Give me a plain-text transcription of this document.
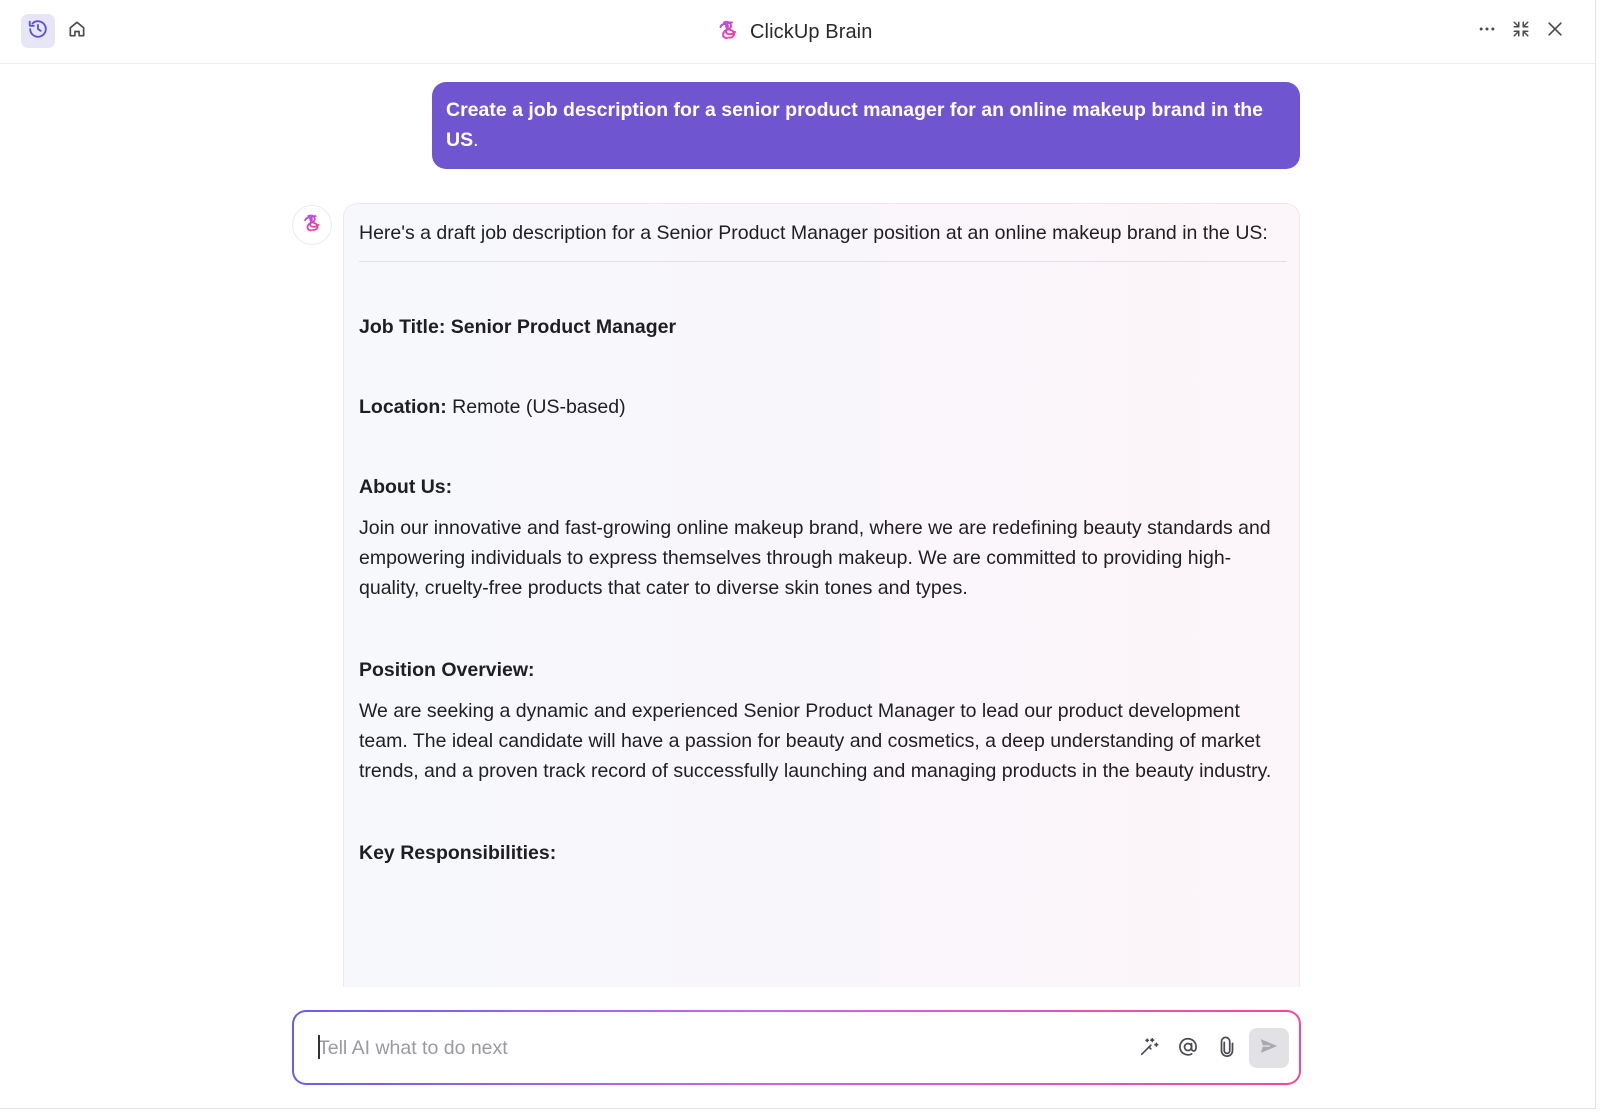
ClickUp Brain
Create a job description for a senior product manager for an online makeup brand in the US.

Here's a draft job description for a Senior Product Manager position at an online makeup brand in the US:

Job Title: Senior Product Manager

Location: Remote (US-based)

About Us:

Join our innovative and fast-growing online makeup brand, where we are redefining beauty standards and empowering individuals to express themselves through makeup. We are committed to providing high-quality, cruelty-free products that cater to diverse skin tones and types.

Position Overview:

We are seeking a dynamic and experienced Senior Product Manager to lead our product development team. The ideal candidate will have a passion for beauty and cosmetics, a deep understanding of market trends, and a proven track record of successfully launching and managing products in the beauty industry.

Key Responsibilities:

Tell AI what to do next
